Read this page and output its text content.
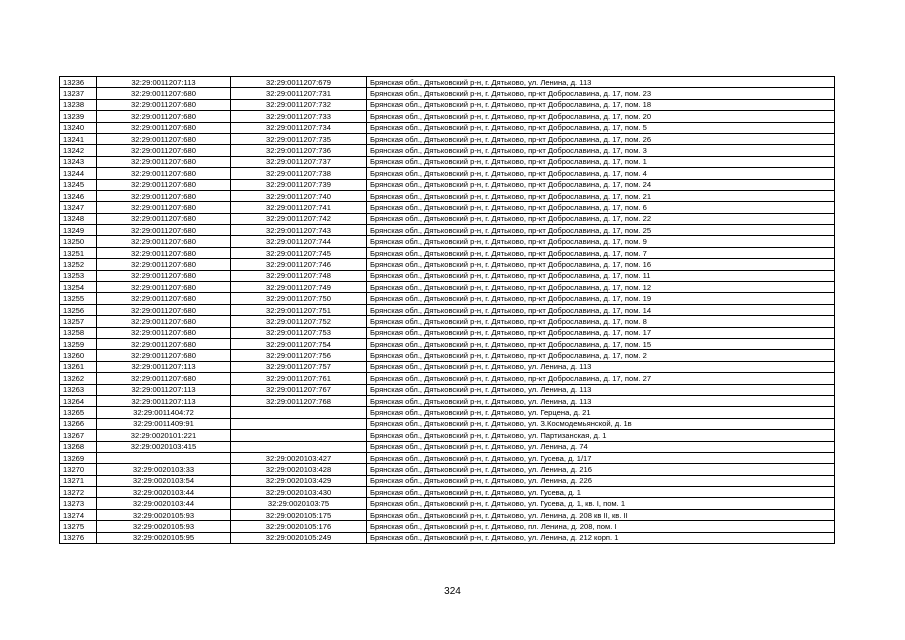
13236	32:29:0011207:113	32:29:0011207:679	Брянская обл., Дятьковский р-н, г. Дятьково, ул. Ленина, д. 113
13237	32:29:0011207:680	32:29:0011207:731	Брянская обл., Дятьковский р-н, г. Дятьково, пр-кт Доброславина, д. 17, пом. 23
13238	32:29:0011207:680	32:29:0011207:732	Брянская обл., Дятьковский р-н, г. Дятьково, пр-кт Доброславина, д. 17, пом. 18
13239	32:29:0011207:680	32:29:0011207:733	Брянская обл., Дятьковский р-н, г. Дятьково, пр-кт Доброславина, д. 17, пом. 20
13240	32:29:0011207:680	32:29:0011207:734	Брянская обл., Дятьковский р-н, г. Дятьково, пр-кт Доброславина, д. 17, пом. 5
13241	32:29:0011207:680	32:29:0011207:735	Брянская обл., Дятьковский р-н, г. Дятьково, пр-кт Доброславина, д. 17, пом. 26
13242	32:29:0011207:680	32:29:0011207:736	Брянская обл., Дятьковский р-н, г. Дятьково, пр-кт Доброславина, д. 17, пом. 3
13243	32:29:0011207:680	32:29:0011207:737	Брянская обл., Дятьковский р-н, г. Дятьково, пр-кт Доброславина, д. 17, пом. 1
13244	32:29:0011207:680	32:29:0011207:738	Брянская обл., Дятьковский р-н, г. Дятьково, пр-кт Доброславина, д. 17, пом. 4
13245	32:29:0011207:680	32:29:0011207:739	Брянская обл., Дятьковский р-н, г. Дятьково, пр-кт Доброславина, д. 17, пом. 24
13246	32:29:0011207:680	32:29:0011207:740	Брянская обл., Дятьковский р-н, г. Дятьково, пр-кт Доброславина, д. 17, пом. 21
13247	32:29:0011207:680	32:29:0011207:741	Брянская обл., Дятьковский р-н, г. Дятьково, пр-кт Доброславина, д. 17, пом. 6
13248	32:29:0011207:680	32:29:0011207:742	Брянская обл., Дятьковский р-н, г. Дятьково, пр-кт Доброславина, д. 17, пом. 22
13249	32:29:0011207:680	32:29:0011207:743	Брянская обл., Дятьковский р-н, г. Дятьково, пр-кт Доброславина, д. 17, пом. 25
13250	32:29:0011207:680	32:29:0011207:744	Брянская обл., Дятьковский р-н, г. Дятьково, пр-кт Доброславина, д. 17, пом. 9
13251	32:29:0011207:680	32:29:0011207:745	Брянская обл., Дятьковский р-н, г. Дятьково, пр-кт Доброславина, д. 17, пом. 7
13252	32:29:0011207:680	32:29:0011207:746	Брянская обл., Дятьковский р-н, г. Дятьково, пр-кт Доброславина, д. 17, пом. 16
13253	32:29:0011207:680	32:29:0011207:748	Брянская обл., Дятьковский р-н, г. Дятьково, пр-кт Доброславина, д. 17, пом. 11
13254	32:29:0011207:680	32:29:0011207:749	Брянская обл., Дятьковский р-н, г. Дятьково, пр-кт Доброславина, д. 17, пом. 12
13255	32:29:0011207:680	32:29:0011207:750	Брянская обл., Дятьковский р-н, г. Дятьково, пр-кт Доброславина, д. 17, пом. 19
13256	32:29:0011207:680	32:29:0011207:751	Брянская обл., Дятьковский р-н, г. Дятьково, пр-кт Доброславина, д. 17, пом. 14
13257	32:29:0011207:680	32:29:0011207:752	Брянская обл., Дятьковский р-н, г. Дятьково, пр-кт Доброславина, д. 17, пом. 8
13258	32:29:0011207:680	32:29:0011207:753	Брянская обл., Дятьковский р-н, г. Дятьково, пр-кт Доброславина, д. 17, пом. 17
13259	32:29:0011207:680	32:29:0011207:754	Брянская обл., Дятьковский р-н, г. Дятьково, пр-кт Доброславина, д. 17, пом. 15
13260	32:29:0011207:680	32:29:0011207:756	Брянская обл., Дятьковский р-н, г. Дятьково, пр-кт Доброславина, д. 17, пом. 2
13261	32:29:0011207:113	32:29:0011207:757	Брянская обл., Дятьковский р-н, г. Дятьково, ул. Ленина, д. 113
13262	32:29:0011207:680	32:29:0011207:761	Брянская обл., Дятьковский р-н, г. Дятьково, пр-кт Доброславина, д. 17, пом. 27
13263	32:29:0011207:113	32:29:0011207:767	Брянская обл., Дятьковский р-н, г. Дятьково, ул. Ленина, д. 113
13264	32:29:0011207:113	32:29:0011207:768	Брянская обл., Дятьковский р-н, г. Дятьково, ул. Ленина, д. 113
13265	32:29:0011404:72		Брянская обл., Дятьковский р-н, г. Дятьково, ул. Герцена, д. 21
13266	32:29:0011409:91		Брянская обл., Дятьковский р-н, г. Дятьково, ул. З.Космодемьянской, д. 1в
13267	32:29:0020101:221		Брянская обл., Дятьковский р-н, г. Дятьково, ул. Партизанская, д. 1
13268	32:29:0020103:415		Брянская обл., Дятьковский р-н, г. Дятьково, ул. Ленина, д. 74
13269		32:29:0020103:427	Брянская обл., Дятьковский р-н, г. Дятьково, ул. Гусева, д. 1/17
13270	32:29:0020103:33	32:29:0020103:428	Брянская обл., Дятьковский р-н, г. Дятьково, ул. Ленина, д. 216
13271	32:29:0020103:54	32:29:0020103:429	Брянская обл., Дятьковский р-н, г. Дятьково, ул. Ленина, д. 226
13272	32:29:0020103:44	32:29:0020103:430	Брянская обл., Дятьковский р-н, г. Дятьково, ул. Гусева, д. 1
13273	32:29:0020103:44	32:29:0020103:75	Брянская обл., Дятьковский р-н, г. Дятьково, ул. Гусева, д. 1, кв. I, пом. 1
13274	32:29:0020105:93	32:29:0020105:175	Брянская обл., Дятьковский р-н, г. Дятьково, ул. Ленина, д. 208 кв II, кв. II
13275	32:29:0020105:93	32:29:0020105:176	Брянская обл., Дятьковский р-н, г. Дятьково, пл. Ленина, д. 208, пом. I
13276	32:29:0020105:95	32:29:0020105:249	Брянская обл., Дятьковский р-н, г. Дятьково, ул. Ленина, д. 212 корп. 1
324
